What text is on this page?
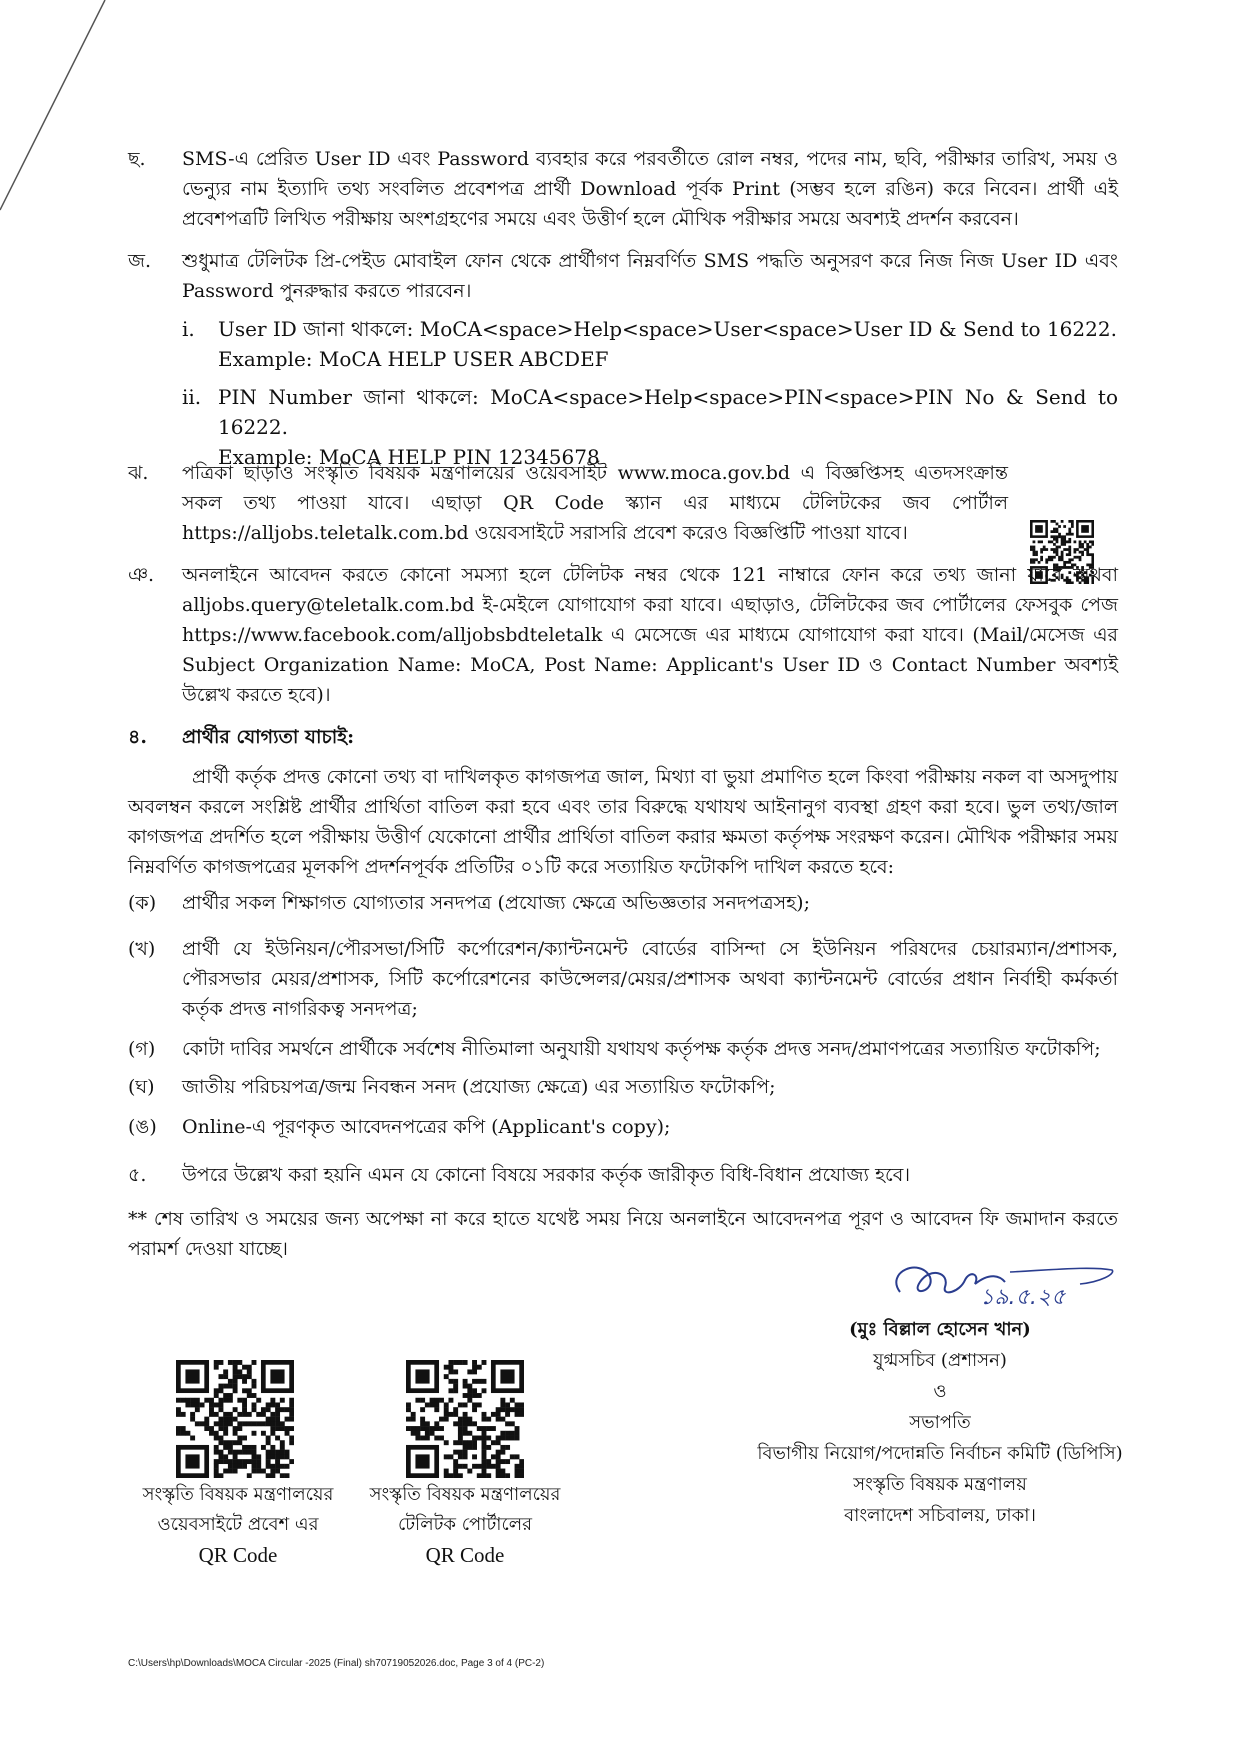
ছ.	SMS-এ প্রেরিত User ID এবং Password ব্যবহার করে পরবর্তীতে রোল নম্বর, পদের নাম, ছবি, পরীক্ষার তারিখ, সময় ও ভেন্যুর নাম ইত্যাদি তথ্য সংবলিত প্রবেশপত্র প্রার্থী Download পূর্বক Print (সম্ভব হলে রঙিন) করে নিবেন। প্রার্থী এই প্রবেশপত্রটি লিখিত পরীক্ষায় অংশগ্রহণের সময়ে এবং উত্তীর্ণ হলে মৌখিক পরীক্ষার সময়ে অবশ্যই প্রদর্শন করবেন।

জ.	শুধুমাত্র টেলিটক প্রি-পেইড মোবাইল ফোন থেকে প্রার্থীগণ নিম্নবর্ণিত SMS পদ্ধতি অনুসরণ করে নিজ নিজ User ID এবং Password পুনরুদ্ধার করতে পারবেন।

i. User ID জানা থাকলে: MoCA<space>Help<space>User<space>User ID & Send to 16222.
Example: MoCA HELP USER ABCDEF
ii. PIN Number জানা থাকলে: MoCA<space>Help<space>PIN<space>PIN No & Send to 16222.
Example: MoCA HELP PIN 12345678
ঝ.	পত্রিকা ছাড়াও সংস্কৃতি বিষয়ক মন্ত্রণালয়ের ওয়েবসাইট www.moca.gov.bd এ বিজ্ঞপ্তিসহ এতদসংক্রান্ত সকল তথ্য পাওয়া যাবে। এছাড়া QR Code স্ক্যান এর মাধ্যমে টেলিটকের জব পোর্টাল https://alljobs.teletalk.com.bd ওয়েবসাইটে সরাসরি প্রবেশ করেও বিজ্ঞপ্তিটি পাওয়া যাবে।

ঞ.	অনলাইনে আবেদন করতে কোনো সমস্যা হলে টেলিটক নম্বর থেকে 121 নাম্বারে ফোন করে তথ্য জানা যাবে অথবা alljobs.query@teletalk.com.bd ই-মেইলে যোগাযোগ করা যাবে। এছাড়াও, টেলিটকের জব পোর্টালের ফেসবুক পেজ https://www.facebook.com/alljobsbdteletalk এ মেসেজে এর মাধ্যমে যোগাযোগ করা যাবে। (Mail/মেসেজ এর Subject Organization Name: MoCA, Post Name: Applicant's User ID ও Contact Number অবশ্যই উল্লেখ করতে হবে)।

৪.	প্রার্থীর যোগ্যতা যাচাই:

প্রার্থী কর্তৃক প্রদত্ত কোনো তথ্য বা দাখিলকৃত কাগজপত্র জাল, মিথ্যা বা ভুয়া প্রমাণিত হলে কিংবা পরীক্ষায় নকল বা অসদুপায় অবলম্বন করলে সংশ্লিষ্ট প্রার্থীর প্রার্থিতা বাতিল করা হবে এবং তার বিরুদ্ধে যথাযথ আইনানুগ ব্যবস্থা গ্রহণ করা হবে। ভুল তথ্য/জাল কাগজপত্র প্রদর্শিত হলে পরীক্ষায় উত্তীর্ণ যেকোনো প্রার্থীর প্রার্থিতা বাতিল করার ক্ষমতা কর্তৃপক্ষ সংরক্ষণ করেন। মৌখিক পরীক্ষার সময় নিম্নবর্ণিত কাগজপত্রের মূলকপি প্রদর্শনপূর্বক প্রতিটির ০১টি করে সত্যায়িত ফটোকপি দাখিল করতে হবে:
(ক)	প্রার্থীর সকল শিক্ষাগত যোগ্যতার সনদপত্র (প্রযোজ্য ক্ষেত্রে অভিজ্ঞতার সনদপত্রসহ);

(খ)	প্রার্থী যে ইউনিয়ন/পৌরসভা/সিটি কর্পোরেশন/ক্যান্টনমেন্ট বোর্ডের বাসিন্দা সে ইউনিয়ন পরিষদের চেয়ারম্যান/প্রশাসক, পৌরসভার মেয়র/প্রশাসক, সিটি কর্পোরেশনের কাউন্সেলর/মেয়র/প্রশাসক অথবা ক্যান্টনমেন্ট বোর্ডের প্রধান নির্বাহী কর্মকর্তা কর্তৃক প্রদত্ত নাগরিকত্ব সনদপত্র;

(গ)	কোটা দাবির সমর্থনে প্রার্থীকে সর্বশেষ নীতিমালা অনুযায়ী যথাযথ কর্তৃপক্ষ কর্তৃক প্রদত্ত সনদ/প্রমাণপত্রের সত্যায়িত ফটোকপি;

(ঘ)	জাতীয় পরিচয়পত্র/জন্ম নিবন্ধন সনদ (প্রযোজ্য ক্ষেত্রে) এর সত্যায়িত ফটোকপি;

(ঙ)	Online-এ পূরণকৃত আবেদনপত্রের কপি (Applicant's copy);

৫.	উপরে উল্লেখ করা হয়নি এমন যে কোনো বিষয়ে সরকার কর্তৃক জারীকৃত বিধি-বিধান প্রযোজ্য হবে।

** শেষ তারিখ ও সময়ের জন্য অপেক্ষা না করে হাতে যথেষ্ট সময় নিয়ে অনলাইনে আবেদনপত্র পূরণ ও আবেদন ফি জমাদান করতে পরামর্শ দেওয়া যাচ্ছে।
১৯.৫.২৫
(মুঃ বিল্লাল হোসেন খান)
যুগ্মসচিব (প্রশাসন)
ও
সভাপতি
বিভাগীয় নিয়োগ/পদোন্নতি নির্বাচন কমিটি (ডিপিসি)
সংস্কৃতি বিষয়ক মন্ত্রণালয়
বাংলাদেশ সচিবালয়, ঢাকা।
সংস্কৃতি বিষয়ক মন্ত্রণালয়ের
ওয়েবসাইটে প্রবেশ এর
QR Code
সংস্কৃতি বিষয়ক মন্ত্রণালয়ের
টেলিটক পোর্টালের
QR Code
C:\Users\hp\Downloads\MOCA Circular -2025 (Final) sh70719052026.doc, Page 3 of 4 (PC-2)
